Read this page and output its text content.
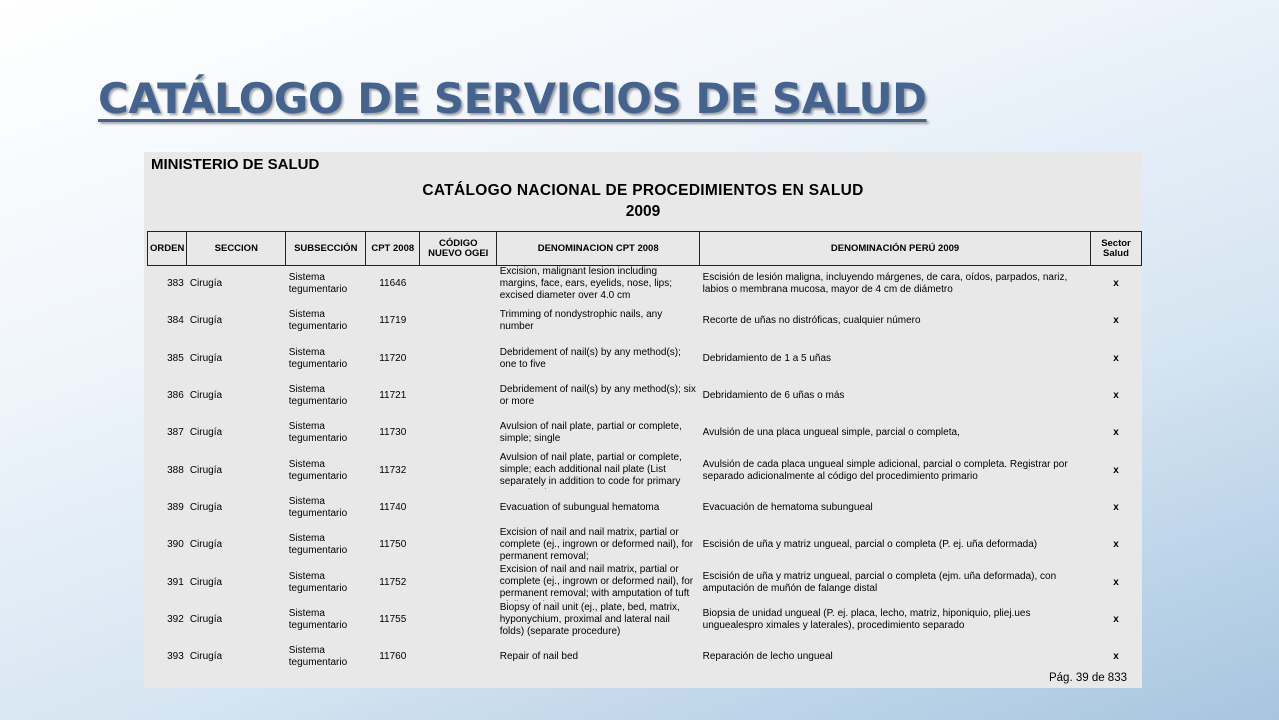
CATÁLOGO DE SERVICIOS DE SALUD
MINISTERIO DE SALUD
CATÁLOGO NACIONAL DE PROCEDIMIENTOS EN SALUD
2009
ORDEN	SECCION	SUBSECCIÓN	CPT 2008	CÓDIGO NUEVO OGEI	DENOMINACION CPT 2008	DENOMINACIÓN PERÚ 2009	Sector Salud
383	Cirugía	Sistema tegumentario	11646		Excision, malignant lesion including margins, face, ears, eyelids, nose, lips; excised diameter over 4.0 cm	Escisión de lesión maligna, incluyendo márgenes, de cara, oídos, parpados, nariz, labios o membrana mucosa, mayor de 4 cm de diámetro	x
384	Cirugía	Sistema tegumentario	11719		Trimming of nondystrophic nails, any number	Recorte de uñas no distróficas, cualquier número	x
385	Cirugía	Sistema tegumentario	11720		Debridement of nail(s) by any method(s); one to five	Debridamiento de 1 a 5 uñas	x
386	Cirugía	Sistema tegumentario	11721		Debridement of nail(s) by any method(s); six or more	Debridamiento de 6 uñas o más	x
387	Cirugía	Sistema tegumentario	11730		Avulsion of nail plate, partial or complete, simple; single	Avulsión de una placa ungueal simple, parcial o completa,	x
388	Cirugía	Sistema tegumentario	11732		Avulsion of nail plate, partial or complete, simple; each additional nail plate (List separately in addition to code for primary	Avulsión de cada placa ungueal simple adicional, parcial o completa. Registrar por separado adicionalmente al código del procedimiento primario	x
389	Cirugía	Sistema tegumentario	11740		Evacuation of subungual hematoma	Evacuación de hematoma subungueal	x
390	Cirugía	Sistema tegumentario	11750		Excision of nail and nail matrix, partial or complete (ej., ingrown or deformed nail), for permanent removal;	Escisión de uña y matriz ungueal, parcial o completa (P. ej. uña deformada)	x
391	Cirugía	Sistema tegumentario	11752		Excision of nail and nail matrix, partial or complete (ej., ingrown or deformed nail), for permanent removal; with amputation of tuft	Escisión de uña y matriz ungueal, parcial o completa (ejm. uña deformada), con amputación de muñón de falange distal	x
392	Cirugía	Sistema tegumentario	11755		Biopsy of nail unit (ej., plate, bed, matrix, hyponychium, proximal and lateral nail folds) (separate procedure)	Biopsia de unidad ungueal (P. ej. placa, lecho, matriz, hiponiquio, pliej.ues unguealespro ximales y laterales), procedimiento separado	x
393	Cirugía	Sistema tegumentario	11760		Repair of nail bed	Reparación de lecho ungueal	x
Pág. 39 de 833
